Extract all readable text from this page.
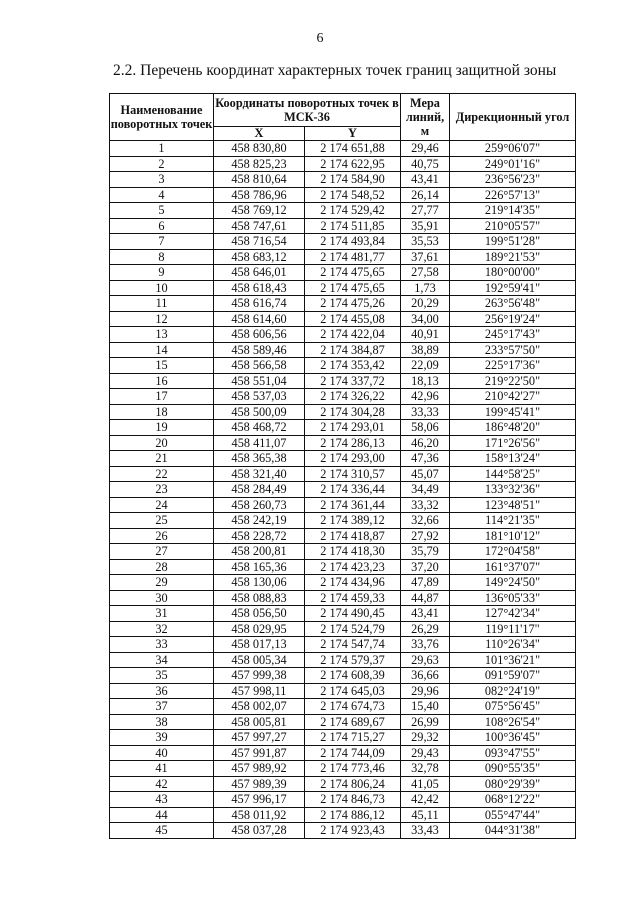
6
2.2. Перечень координат характерных точек границ защитной зоны
Наименование поворотных точек	Координаты поворотных точек в МСК-36		Мера линий, м	Дирекционный угол
	X	Y		
1	458 830,80	2 174 651,88	29,46	259°06'07"
2	458 825,23	2 174 622,95	40,75	249°01'16"
3	458 810,64	2 174 584,90	43,41	236°56'23"
4	458 786,96	2 174 548,52	26,14	226°57'13"
5	458 769,12	2 174 529,42	27,77	219°14'35"
6	458 747,61	2 174 511,85	35,91	210°05'57"
7	458 716,54	2 174 493,84	35,53	199°51'28"
8	458 683,12	2 174 481,77	37,61	189°21'53"
9	458 646,01	2 174 475,65	27,58	180°00'00"
10	458 618,43	2 174 475,65	1,73	192°59'41"
11	458 616,74	2 174 475,26	20,29	263°56'48"
12	458 614,60	2 174 455,08	34,00	256°19'24"
13	458 606,56	2 174 422,04	40,91	245°17'43"
14	458 589,46	2 174 384,87	38,89	233°57'50"
15	458 566,58	2 174 353,42	22,09	225°17'36"
16	458 551,04	2 174 337,72	18,13	219°22'50"
17	458 537,03	2 174 326,22	42,96	210°42'27"
18	458 500,09	2 174 304,28	33,33	199°45'41"
19	458 468,72	2 174 293,01	58,06	186°48'20"
20	458 411,07	2 174 286,13	46,20	171°26'56"
21	458 365,38	2 174 293,00	47,36	158°13'24"
22	458 321,40	2 174 310,57	45,07	144°58'25"
23	458 284,49	2 174 336,44	34,49	133°32'36"
24	458 260,73	2 174 361,44	33,32	123°48'51"
25	458 242,19	2 174 389,12	32,66	114°21'35"
26	458 228,72	2 174 418,87	27,92	181°10'12"
27	458 200,81	2 174 418,30	35,79	172°04'58"
28	458 165,36	2 174 423,23	37,20	161°37'07"
29	458 130,06	2 174 434,96	47,89	149°24'50"
30	458 088,83	2 174 459,33	44,87	136°05'33"
31	458 056,50	2 174 490,45	43,41	127°42'34"
32	458 029,95	2 174 524,79	26,29	119°11'17"
33	458 017,13	2 174 547,74	33,76	110°26'34"
34	458 005,34	2 174 579,37	29,63	101°36'21"
35	457 999,38	2 174 608,39	36,66	091°59'07"
36	457 998,11	2 174 645,03	29,96	082°24'19"
37	458 002,07	2 174 674,73	15,40	075°56'45"
38	458 005,81	2 174 689,67	26,99	108°26'54"
39	457 997,27	2 174 715,27	29,32	100°36'45"
40	457 991,87	2 174 744,09	29,43	093°47'55"
41	457 989,92	2 174 773,46	32,78	090°55'35"
42	457 989,39	2 174 806,24	41,05	080°29'39"
43	457 996,17	2 174 846,73	42,42	068°12'22"
44	458 011,92	2 174 886,12	45,11	055°47'44"
45	458 037,28	2 174 923,43	33,43	044°31'38"
